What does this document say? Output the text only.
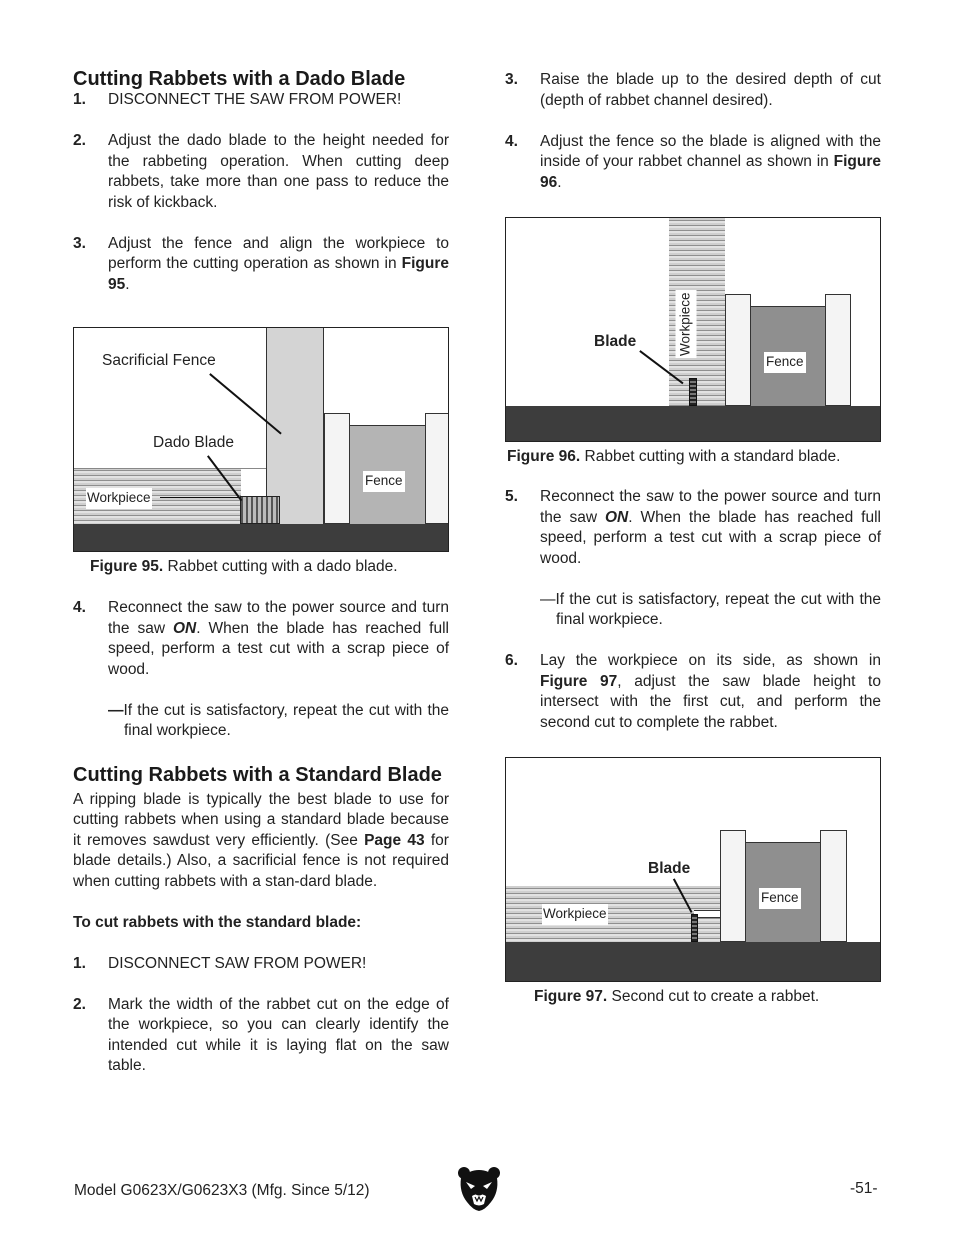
Cutting Rabbets with a Dado Blade
1. DISCONNECT THE SAW FROM POWER!
2. Adjust the dado blade to the height needed for the rabbeting operation. When cutting deep rabbets, take more than one pass to reduce the risk of kickback.
3. Adjust the fence and align the workpiece to perform the cutting operation as shown in Figure 95.
Sacrificial Fence
Dado Blade
Workpiece
Fence
Figure 95. Rabbet cutting with a dado blade.
4. Reconnect the saw to the power source and turn the saw ON. When the blade has reached full speed, perform a test cut with a scrap piece of wood.
—If the cut is satisfactory, repeat the cut with the final workpiece.
Cutting Rabbets with a Standard Blade
A ripping blade is typically the best blade to use for cutting rabbets when using a standard blade because it removes sawdust very efficiently. (See Page 43 for blade details.) Also, a sacrificial fence is not required when cutting rabbets with a stan-dard blade.
To cut rabbets with the standard blade:
1. DISCONNECT SAW FROM POWER!
2. Mark the width of the rabbet cut on the edge of the workpiece, so you can clearly identify the intended cut while it is laying flat on the saw table.
3. Raise the blade up to the desired depth of cut (depth of rabbet channel desired).
4. Adjust the fence so the blade is aligned with the inside of your rabbet channel as shown in Figure 96.
Blade	Workpiece
Fence
Figure 96. Rabbet cutting with a standard blade.
5. Reconnect the saw to the power source and turn the saw ON. When the blade has reached full speed, perform a test cut with a scrap piece of wood.
—If the cut is satisfactory, repeat the cut with the final workpiece.
6. Lay the workpiece on its side, as shown in Figure 97, adjust the saw blade height to intersect with the first cut, and perform the second cut to complete the rabbet.
Blade
Workpiece
Fence
Figure 97. Second cut to create a rabbet.
Model G0623X/G0623X3 (Mfg. Since 5/12)	-51-
